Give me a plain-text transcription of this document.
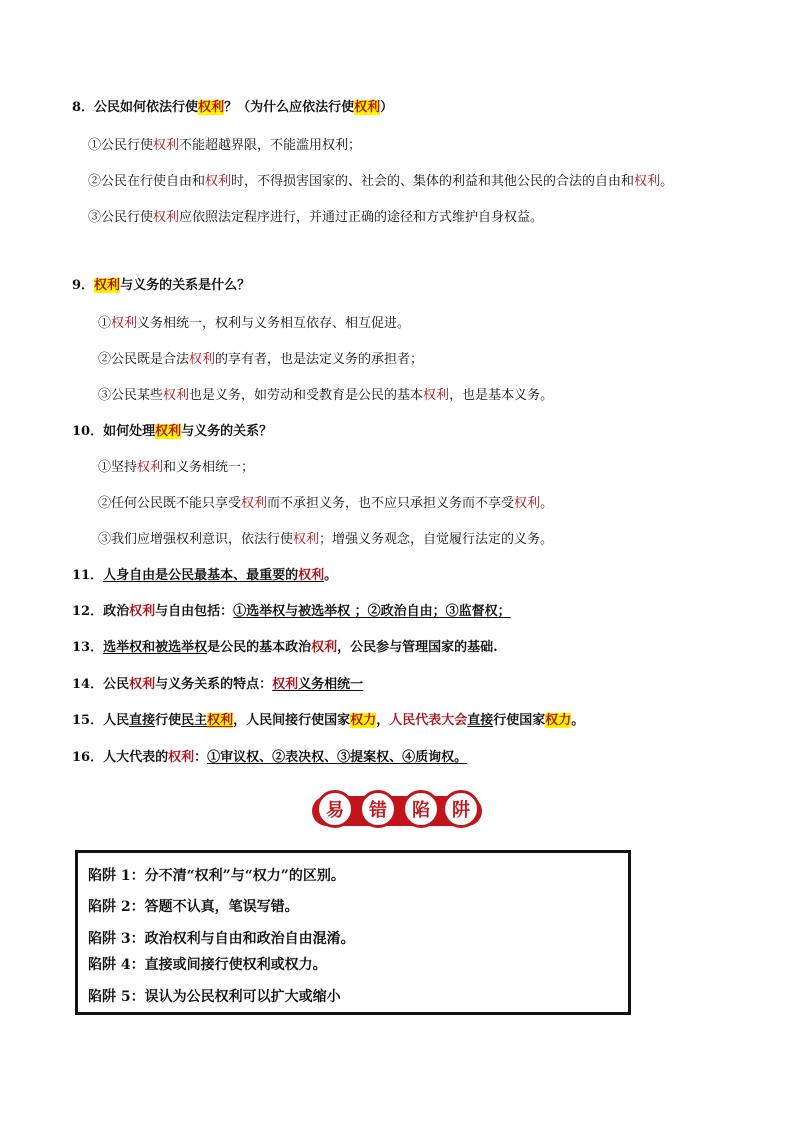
8．公民如何依法行使权利？（为什么应依法行使权利）
①公民行使权利不能超越界限，不能滥用权利；
②公民在行使自由和权利时，不得损害国家的、社会的、集体的利益和其他公民的合法的自由和权利。
③公民行使权利应依照法定程序进行，并通过正确的途径和方式维护自身权益。
9．权利与义务的关系是什么？
①权利义务相统一，权利与义务相互依存、相互促进。
②公民既是合法权利的享有者，也是法定义务的承担者；
③公民某些权利也是义务，如劳动和受教育是公民的基本权利，也是基本义务。
10．如何处理权利与义务的关系？
①坚持权利和义务相统一；
②任何公民既不能只享受权利而不承担义务，也不应只承担义务而不享受权利。
③我们应增强权利意识，依法行使权利；增强义务观念，自觉履行法定的义务。
11．人身自由是公民最基本、最重要的权利。
12．政治权利与自由包括：①选举权与被选举权 ；②政治自由；③监督权；
13．选举权和被选举权是公民的基本政治权利，公民参与管理国家的基础.
14．公民权利与义务关系的特点：权利义务相统一
15．人民直接行使民主权利，人民间接行使国家权力，人民代表大会直接行使国家权力。
16．人大代表的权利：①审议权、②表决权、③提案权、④质询权。
易	错	陷	阱
陷阱 1：分不清“权利”与“权力”的区别。
陷阱 2：答题不认真，笔误写错。
陷阱 3：政治权利与自由和政治自由混淆。
陷阱 4：直接或间接行使权利或权力。
陷阱 5：误认为公民权利可以扩大或缩小
